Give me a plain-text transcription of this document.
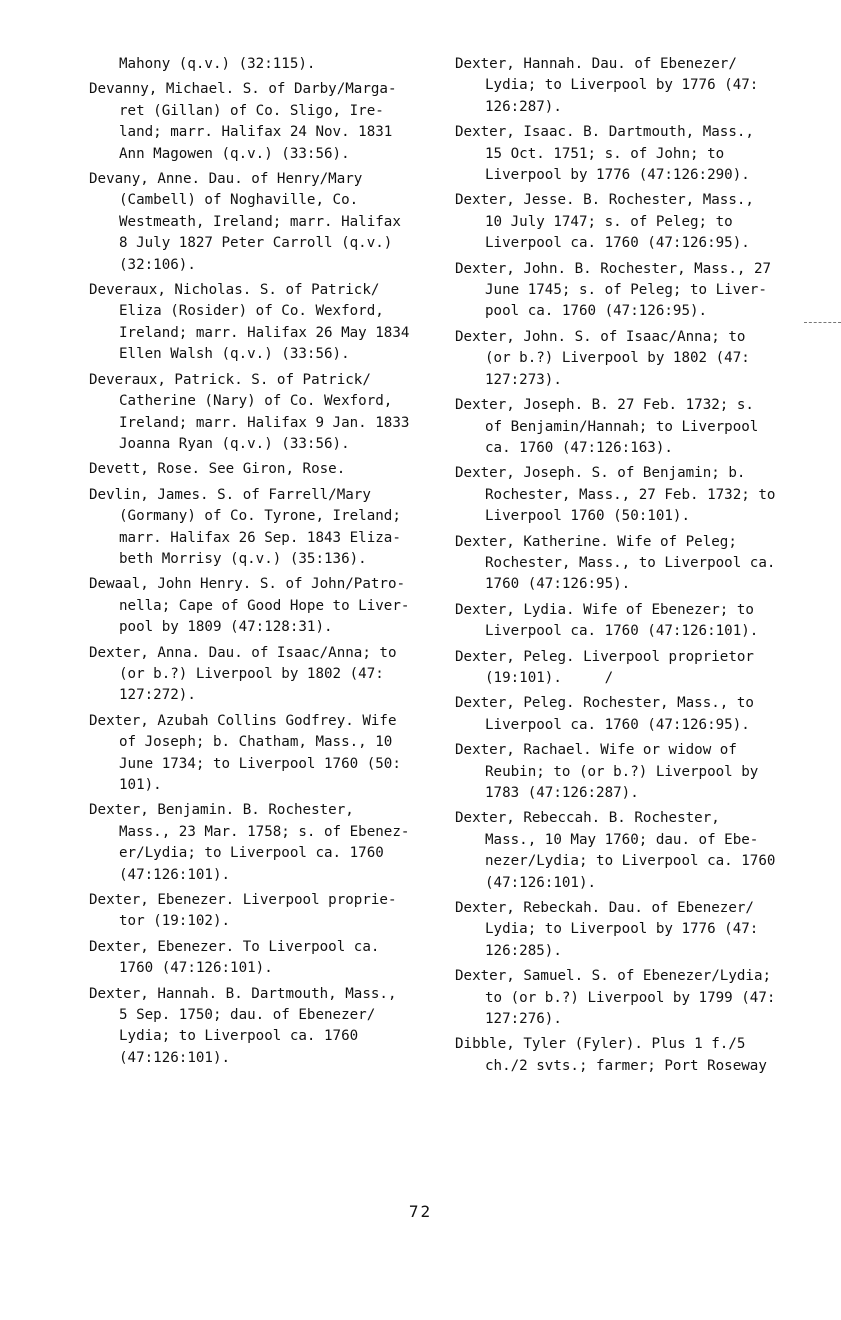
Mahony (q.v.) (32:115).
Devanny, Michael. S. of Darby/Marga-
ret (Gillan) of Co. Sligo, Ire-
land; marr. Halifax 24 Nov. 1831
Ann Magowen (q.v.) (33:56).
Devany, Anne. Dau. of Henry/Mary
(Cambell) of Noghaville, Co.
Westmeath, Ireland; marr. Halifax
8 July 1827 Peter Carroll (q.v.)
(32:106).
Deveraux, Nicholas. S. of Patrick/
Eliza (Rosider) of Co. Wexford,
Ireland; marr. Halifax 26 May 1834
Ellen Walsh (q.v.) (33:56).
Deveraux, Patrick. S. of Patrick/
Catherine (Nary) of Co. Wexford,
Ireland; marr. Halifax 9 Jan. 1833
Joanna Ryan (q.v.) (33:56).
Devett, Rose. See Giron, Rose.
Devlin, James. S. of Farrell/Mary
(Gormany) of Co. Tyrone, Ireland;
marr. Halifax 26 Sep. 1843 Eliza-
beth Morrisy (q.v.) (35:136).
Dewaal, John Henry. S. of John/Patro-
nella; Cape of Good Hope to Liver-
pool by 1809 (47:128:31).
Dexter, Anna. Dau. of Isaac/Anna; to
(or b.?) Liverpool by 1802 (47:
127:272).
Dexter, Azubah Collins Godfrey. Wife
of Joseph; b. Chatham, Mass., 10
June 1734; to Liverpool 1760 (50:
101).
Dexter, Benjamin. B. Rochester,
Mass., 23 Mar. 1758; s. of Ebenez-
er/Lydia; to Liverpool ca. 1760
(47:126:101).
Dexter, Ebenezer. Liverpool proprie-
tor (19:102).
Dexter, Ebenezer. To Liverpool ca.
1760 (47:126:101).
Dexter, Hannah. B. Dartmouth, Mass.,
5 Sep. 1750; dau. of Ebenezer/
Lydia; to Liverpool ca. 1760
(47:126:101).
Dexter, Hannah. Dau. of Ebenezer/
Lydia; to Liverpool by 1776 (47:
126:287).
Dexter, Isaac. B. Dartmouth, Mass.,
15 Oct. 1751; s. of John; to
Liverpool by 1776 (47:126:290).
Dexter, Jesse. B. Rochester, Mass.,
10 July 1747; s. of Peleg; to
Liverpool ca. 1760 (47:126:95).
Dexter, John. B. Rochester, Mass., 27
June 1745; s. of Peleg; to Liver-
pool ca. 1760 (47:126:95).
Dexter, John. S. of Isaac/Anna; to
(or b.?) Liverpool by 1802 (47:
127:273).
Dexter, Joseph. B. 27 Feb. 1732; s.
of Benjamin/Hannah; to Liverpool
ca. 1760 (47:126:163).
Dexter, Joseph. S. of Benjamin; b.
Rochester, Mass., 27 Feb. 1732; to
Liverpool 1760 (50:101).
Dexter, Katherine. Wife of Peleg;
Rochester, Mass., to Liverpool ca.
1760 (47:126:95).
Dexter, Lydia. Wife of Ebenezer; to
Liverpool ca. 1760 (47:126:101).
Dexter, Peleg. Liverpool proprietor
(19:101).     /
Dexter, Peleg. Rochester, Mass., to
Liverpool ca. 1760 (47:126:95).
Dexter, Rachael. Wife or widow of
Reubin; to (or b.?) Liverpool by
1783 (47:126:287).
Dexter, Rebeccah. B. Rochester,
Mass., 10 May 1760; dau. of Ebe-
nezer/Lydia; to Liverpool ca. 1760
(47:126:101).
Dexter, Rebeckah. Dau. of Ebenezer/
Lydia; to Liverpool by 1776 (47:
126:285).
Dexter, Samuel. S. of Ebenezer/Lydia;
to (or b.?) Liverpool by 1799 (47:
127:276).
Dibble, Tyler (Fyler). Plus 1 f./5
ch./2 svts.; farmer; Port Roseway
72
